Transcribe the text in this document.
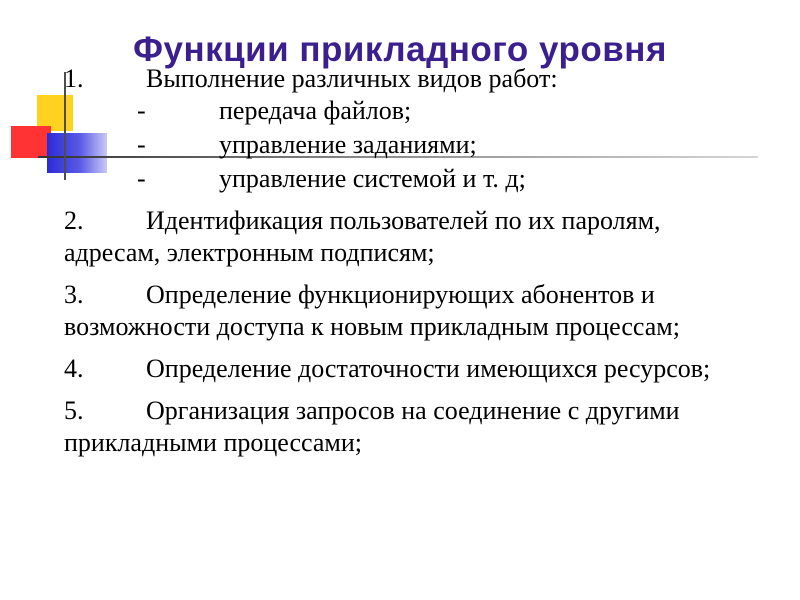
Функции прикладного уровня
1. Выполнение различных видов работ:
-	передача файлов;
-	управление заданиями;
-	управление системой и т. д;
2. Идентификация пользователей по их паролям, адресам, электронным подписям;
3. Определение функционирующих абонентов и возможности доступа к новым прикладным процессам;
4. Определение достаточности имеющихся ресурсов;
5. Организация запросов на соединение с другими прикладными процессами;
